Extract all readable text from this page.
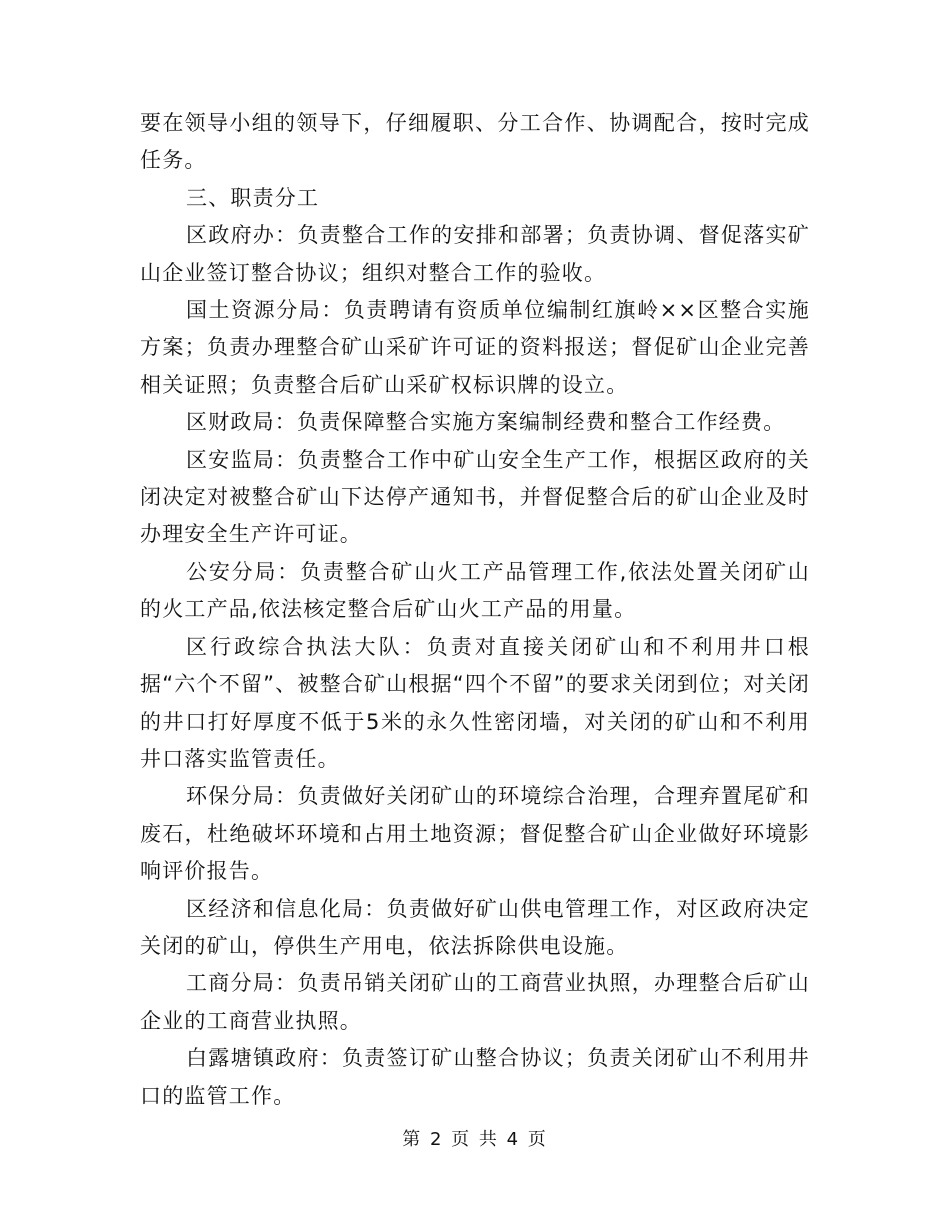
要在领导小组的领导下，仔细履职、分工合作、协调配合，按时完成任务。

三、职责分工

区政府办：负责整合工作的安排和部署；负责协调、督促落实矿山企业签订整合协议；组织对整合工作的验收。

国土资源分局：负责聘请有资质单位编制红旗岭××区整合实施方案；负责办理整合矿山采矿许可证的资料报送；督促矿山企业完善相关证照；负责整合后矿山采矿权标识牌的设立。

区财政局：负责保障整合实施方案编制经费和整合工作经费。

区安监局：负责整合工作中矿山安全生产工作，根据区政府的关闭决定对被整合矿山下达停产通知书，并督促整合后的矿山企业及时办理安全生产许可证。

公安分局：负责整合矿山火工产品管理工作,依法处置关闭矿山的火工产品,依法核定整合后矿山火工产品的用量。

区行政综合执法大队：负责对直接关闭矿山和不利用井口根据“六个不留”、被整合矿山根据“四个不留”的要求关闭到位；对关闭的井口打好厚度不低于5米的永久性密闭墙，对关闭的矿山和不利用井口落实监管责任。

环保分局：负责做好关闭矿山的环境综合治理，合理弃置尾矿和废石，杜绝破坏环境和占用土地资源；督促整合矿山企业做好环境影响评价报告。

区经济和信息化局：负责做好矿山供电管理工作，对区政府决定关闭的矿山，停供生产用电，依法拆除供电设施。

工商分局：负责吊销关闭矿山的工商营业执照，办理整合后矿山企业的工商营业执照。

白露塘镇政府：负责签订矿山整合协议；负责关闭矿山不利用井口的监管工作。

第 2 页 共 4 页
